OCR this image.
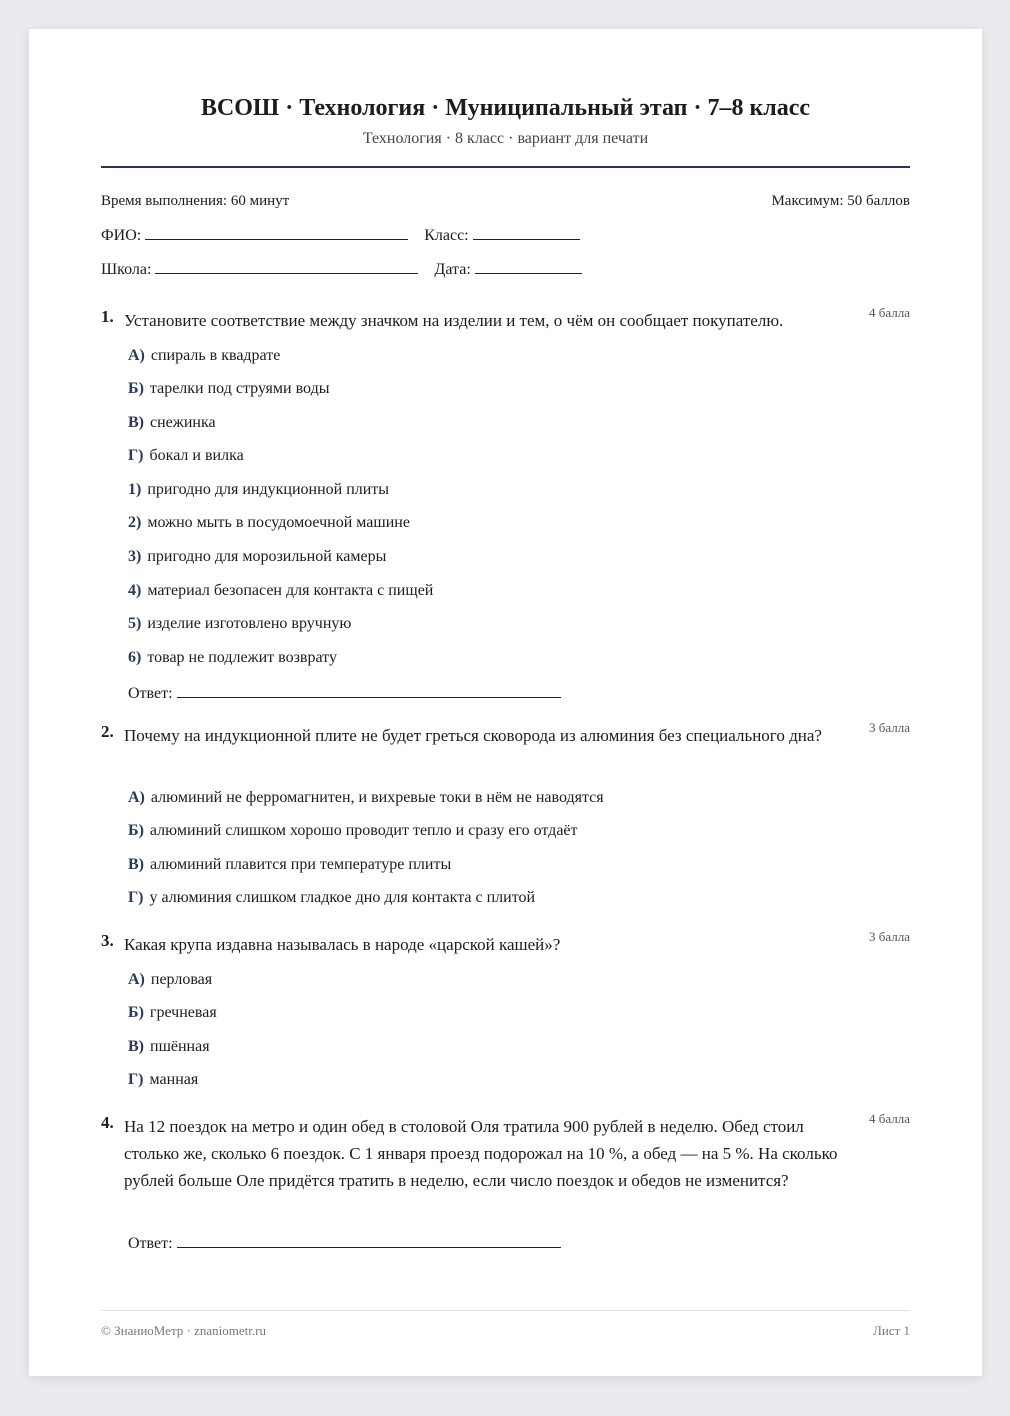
ВСОШ · Технология · Муниципальный этап · 7–8 класс
Технология · 8 класс · вариант для печати
Время выполнения: 60 минут	Максимум: 50 баллов
ФИО:	Класс:
Школа:	Дата:
1. Установите соответствие между значком на изделии и тем, о чём он сообщает покупателю.	4 балла
А) спираль в квадрате
Б) тарелки под струями воды
В) снежинка
Г) бокал и вилка
1) пригодно для индукционной плиты
2) можно мыть в посудомоечной машине
3) пригодно для морозильной камеры
4) материал безопасен для контакта с пищей
5) изделие изготовлено вручную
6) товар не подлежит возврату
Ответ:
2. Почему на индукционной плите не будет греться сковорода из алюминия без специального дна?	3 балла
А) алюминий не ферромагнитен, и вихревые токи в нём не наводятся
Б) алюминий слишком хорошо проводит тепло и сразу его отдаёт
В) алюминий плавится при температуре плиты
Г) у алюминия слишком гладкое дно для контакта с плитой
3. Какая крупа издавна называлась в народе «царской кашей»?	3 балла
А) перловая
Б) гречневая
В) пшённая
Г) манная
4. На 12 поездок на метро и один обед в столовой Оля тратила 900 рублей в неделю. Обед стоил столько же, сколько 6 поездок. С 1 января проезд подорожал на 10 %, а обед — на 5 %. На сколько рублей больше Оле придётся тратить в неделю, если число поездок и обедов не изменится?
4 балла
Ответ:
© ЗнаниоМетр · znaniometr.ru	Лист 1
